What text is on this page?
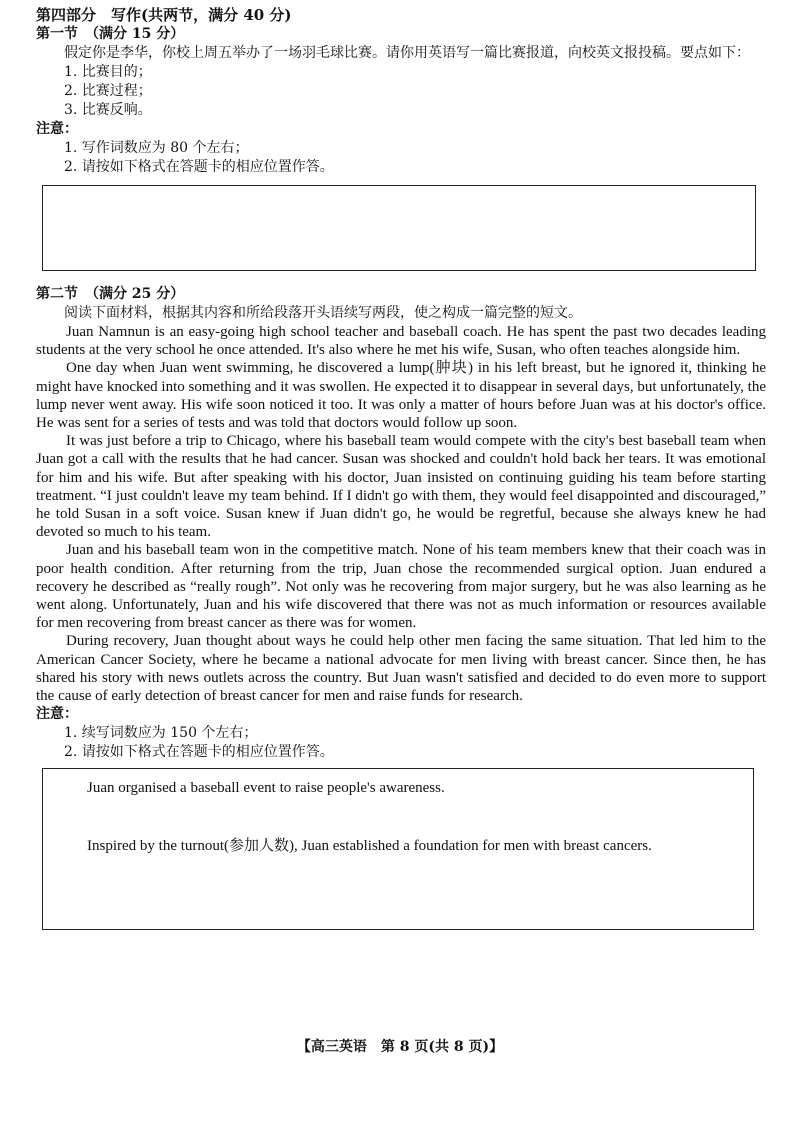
第四部分　写作(共两节，满分 40 分)
第一节　（满分 15 分）
假定你是李华，你校上周五举办了一场羽毛球比赛。请你用英语写一篇比赛报道，向校英文报投稿。要点如下：
1. 比赛目的；
2. 比赛过程；
3. 比赛反响。
注意：
1. 写作词数应为 80 个左右；
2. 请按如下格式在答题卡的相应位置作答。
第二节　（满分 25 分）
阅读下面材料，根据其内容和所给段落开头语续写两段，使之构成一篇完整的短文。

Juan Namnun is an easy-going high school teacher and baseball coach. He has spent the past two decades leading students at the very school he once attended. It's also where he met his wife, Susan, who often teaches alongside him.

One day when Juan went swimming, he discovered a lump(肿块) in his left breast, but he ignored it, thinking he might have knocked into something and it was swollen. He expected it to disappear in several days, but unfortunately, the lump never went away. His wife soon noticed it too. It was only a matter of hours before Juan was at his doctor's office. He was sent for a series of tests and was told that doctors would follow up soon.

It was just before a trip to Chicago, where his baseball team would compete with the city's best baseball team when Juan got a call with the results that he had cancer. Susan was shocked and couldn't hold back her tears. It was emotional for him and his wife. But after speaking with his doctor, Juan insisted on continuing guiding his team before starting treatment. “I just couldn't leave my team behind. If I didn't go with them, they would feel disappointed and discouraged,” he told Susan in a soft voice. Susan knew if Juan didn't go, he would be regretful, because she always knew he had devoted so much to his team.

Juan and his baseball team won in the competitive match. None of his team members knew that their coach was in poor health condition. After returning from the trip, Juan chose the recommended surgical option. Juan endured a recovery he described as “really rough”. Not only was he recovering from major surgery, but he was also learning as he went along. Unfortunately, Juan and his wife discovered that there was not as much information or resources available for men recovering from breast cancer as there was for women.

During recovery, Juan thought about ways he could help other men facing the same situation. That led him to the American Cancer Society, where he became a national advocate for men living with breast cancer. Since then, he has shared his story with news outlets across the country. But Juan wasn't satisfied and decided to do even more to support the cause of early detection of breast cancer for men and raise funds for research.

注意：
1. 续写词数应为 150 个左右；
2. 请按如下格式在答题卡的相应位置作答。

Juan organised a baseball event to raise people's awareness.

Inspired by the turnout(参加人数), Juan established a foundation for men with breast cancers.

【高三英语　第 8 页(共 8 页)】
